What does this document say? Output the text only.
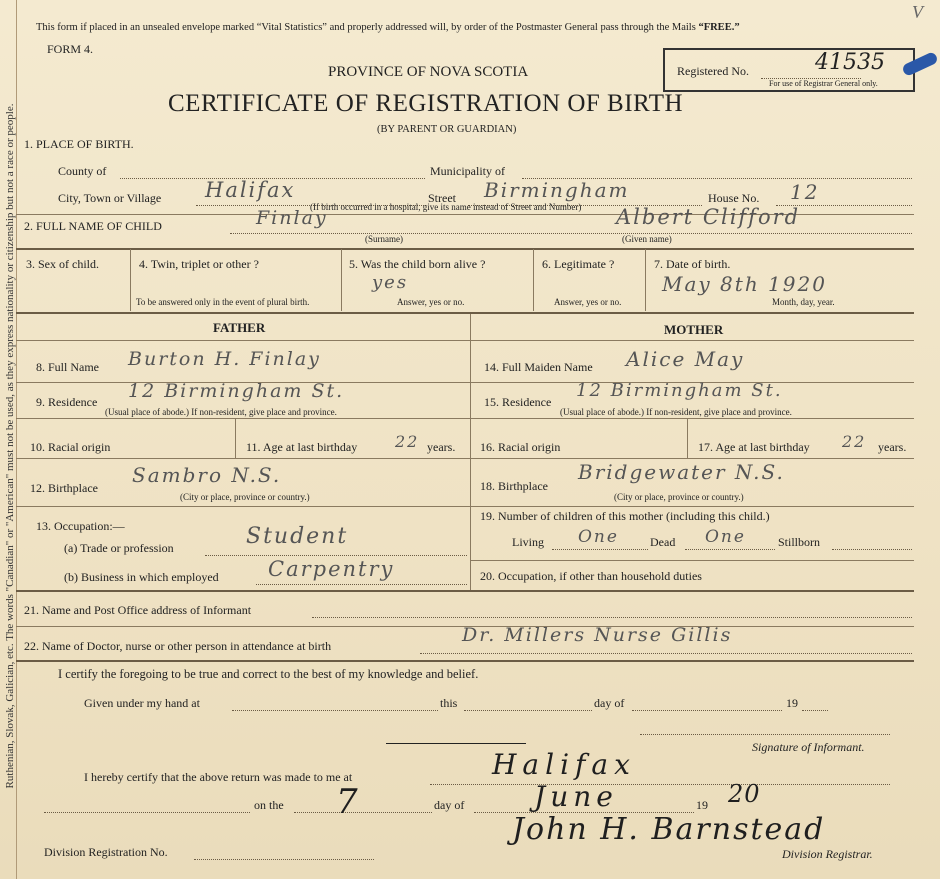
Ruthenian, Slovak, Galician, etc. The words "Canadian" or "American" must not be used, as they express nationality or citizenship but not a race or people.
This form if placed in an unsealed envelope marked “Vital Statistics” and properly addressed will, by order of the Postmaster General pass through the Mails “FREE.”
V
FORM 4.
PROVINCE OF NOVA SCOTIA
CERTIFICATE OF REGISTRATION OF BIRTH
(BY PARENT OR GUARDIAN)
Registered No.	41535
For use of Registrar General only.
1. PLACE OF BIRTH.
County of	Municipality of
City, Town or Village Halifax	Street Birmingham	House No. 12
(If birth occurred in a hospital, give its name instead of Street and Number)
2. FULL NAME OF CHILD	Finlay	Albert Clifford
(Surname)	(Given name)
3. Sex of child.	4. Twin, triplet or other ?
To be answered only in the event of plural birth.
5. Was the child born alive ?
yes
Answer, yes or no.
6. Legitimate ?
Answer, yes or no.
7. Date of birth.
May 8th 1920
Month, day, year.
FATHER	MOTHER
8. Full Name Burton H. Finlay
9. Residence 12 Birmingham St.
(Usual place of abode.) If non-resident, give place and province.
10. Racial origin	11. Age at last birthday 22 years.
12. Birthplace
Sambro N.S.
(City or place, province or country.)
13. Occupation:—
(a) Trade or profession	Student
(b) Business in which employed Carpentry
14. Full Maiden Name Alice May
15. Residence
12 Birmingham St.
(Usual place of abode.) If non-resident, give place and province.
16. Racial origin	17. Age at last birthday 22 years.
18. Birthplace
Bridgewater N.S.
(City or place, province or country.)
19. Number of children of this mother (including this child.)
Living One	Dead One	Stillborn
20. Occupation, if other than household duties
21. Name and Post Office address of Informant
22. Name of Doctor, nurse or other person in attendance at birth	Dr. Millers Nurse Gillis
I certify the foregoing to be true and correct to the best of my knowledge and belief.
Given under my hand at	this	day of	19
Signature of Informant.
I hereby certify that the above return was made to me at	Halifax
on the 7	day of June	19 20
John H. Barnstead
Division Registration No.	Division Registrar.
